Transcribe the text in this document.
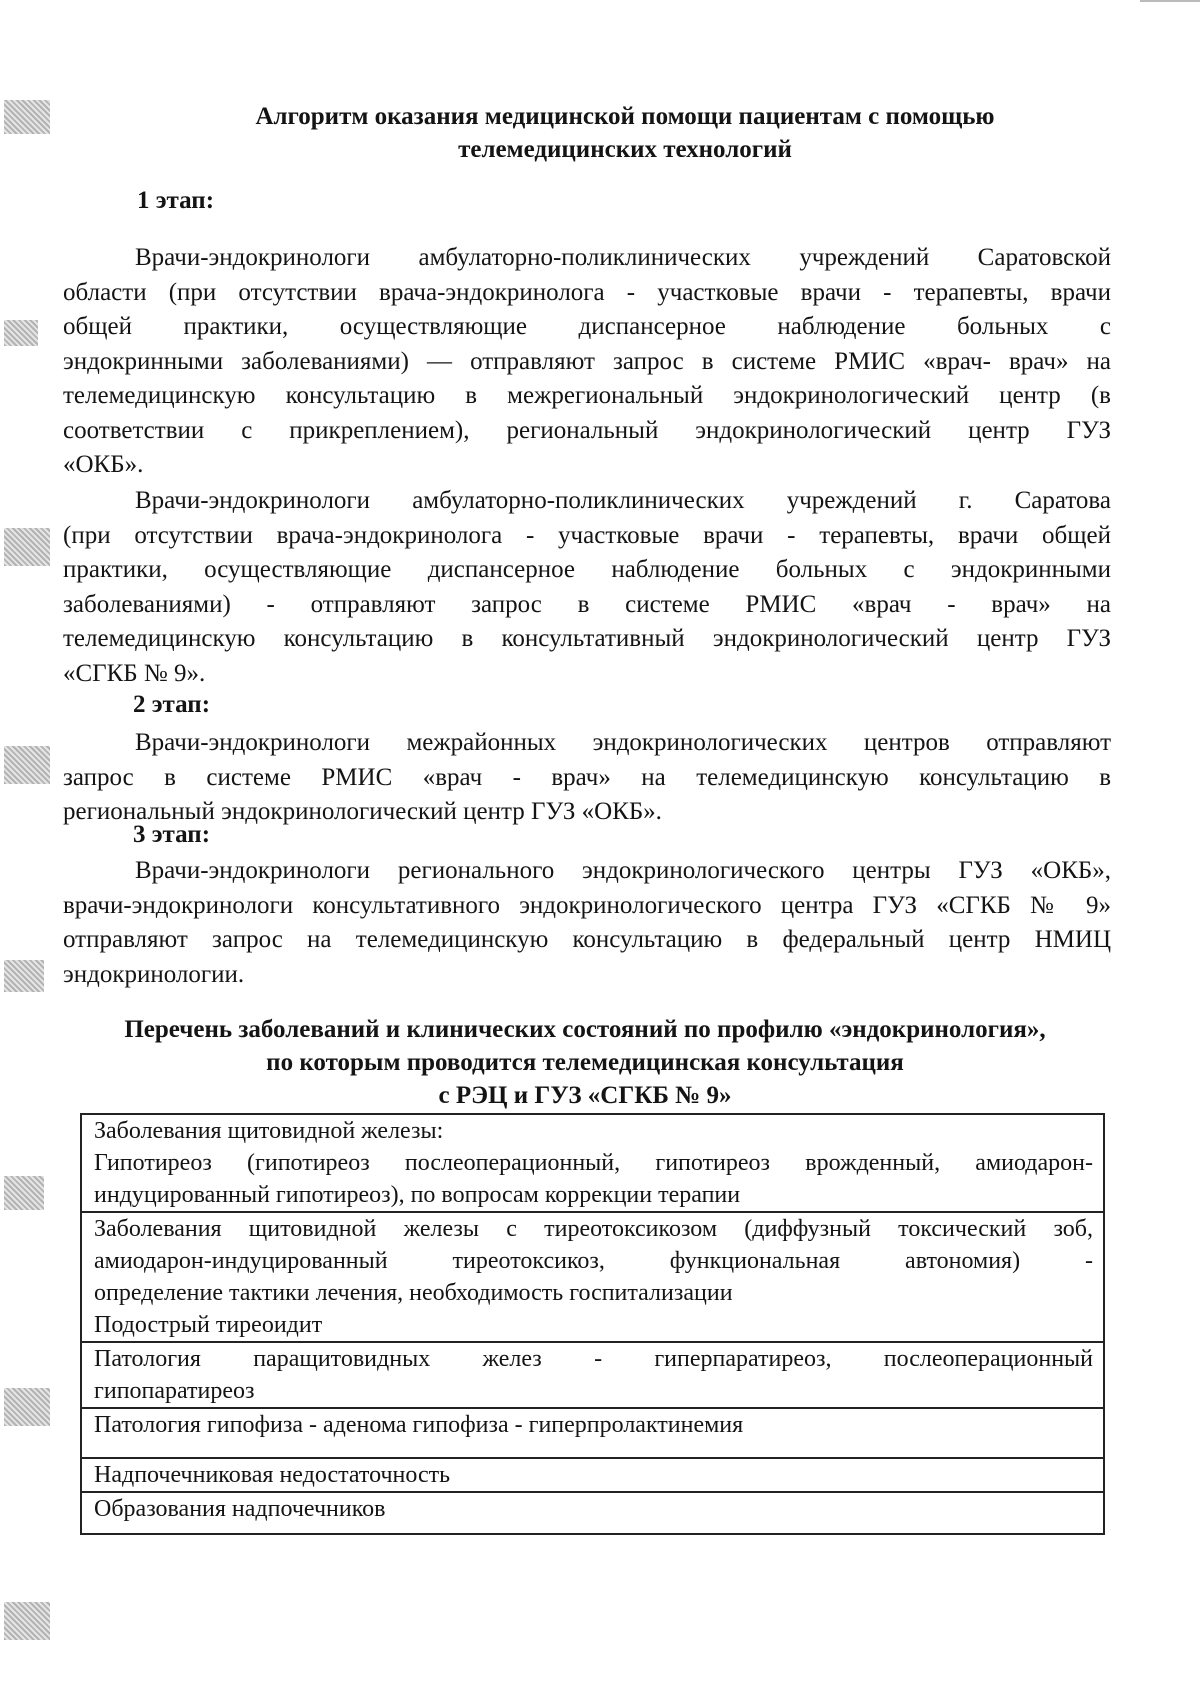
Алгоритм оказания медицинской помощи пациентам с помощью
телемедицинских технологий
1 этап:

Врачи-эндокринологи амбулаторно-поликлинических учреждений Саратовской
области (при отсутствии врача-эндокринолога - участковые врачи - терапевты, врачи
общей практики, осуществляющие диспансерное наблюдение больных с
эндокринными заболеваниями) — отправляют запрос в системе РМИС «врач- врач» на
телемедицинскую консультацию в межрегиональный эндокринологический центр (в
соответствии с прикреплением), региональный эндокринологический центр ГУЗ
«ОКБ».

Врачи-эндокринологи амбулаторно-поликлинических учреждений г. Саратова
(при отсутствии врача-эндокринолога - участковые врачи - терапевты, врачи общей
практики, осуществляющие диспансерное наблюдение больных с эндокринными
заболеваниями) - отправляют запрос в системе РМИС «врач - врач» на
телемедицинскую консультацию в консультативный эндокринологический центр ГУЗ
«СГКБ № 9».

2 этап:

Врачи-эндокринологи межрайонных эндокринологических центров отправляют
запрос в системе РМИС «врач - врач» на телемедицинскую консультацию в
региональный эндокринологический центр ГУЗ «ОКБ».

3 этап:

Врачи-эндокринологи регионального эндокринологического центры ГУЗ «ОКБ»,
врачи-эндокринологи консультативного эндокринологического центра ГУЗ «СГКБ № 9»
отправляют запрос на телемедицинскую консультацию в федеральный центр НМИЦ
эндокринологии.

Перечень заболеваний и клинических состояний по профилю «эндокринология»,
по которым проводится телемедицинская консультация
с РЭЦ и ГУЗ «СГКБ № 9»
Заболевания щитовидной железы:
Гипотиреоз (гипотиреоз послеоперационный, гипотиреоз врожденный, амиодарон-
индуцированный гипотиреоз), по вопросам коррекции терапии

Заболевания щитовидной железы с тиреотоксикозом (диффузный токсический зоб,
амиодарон-индуцированный тиреотоксикоз, функциональная автономия) -
определение тактики лечения, необходимость госпитализации
Подострый тиреоидит

Патология паращитовидных желез - гиперпаратиреоз, послеоперационный
гипопаратиреоз

Патология гипофиза - аденома гипофиза - гиперпролактинемия

Надпочечниковая недостаточность

Образования надпочечников
